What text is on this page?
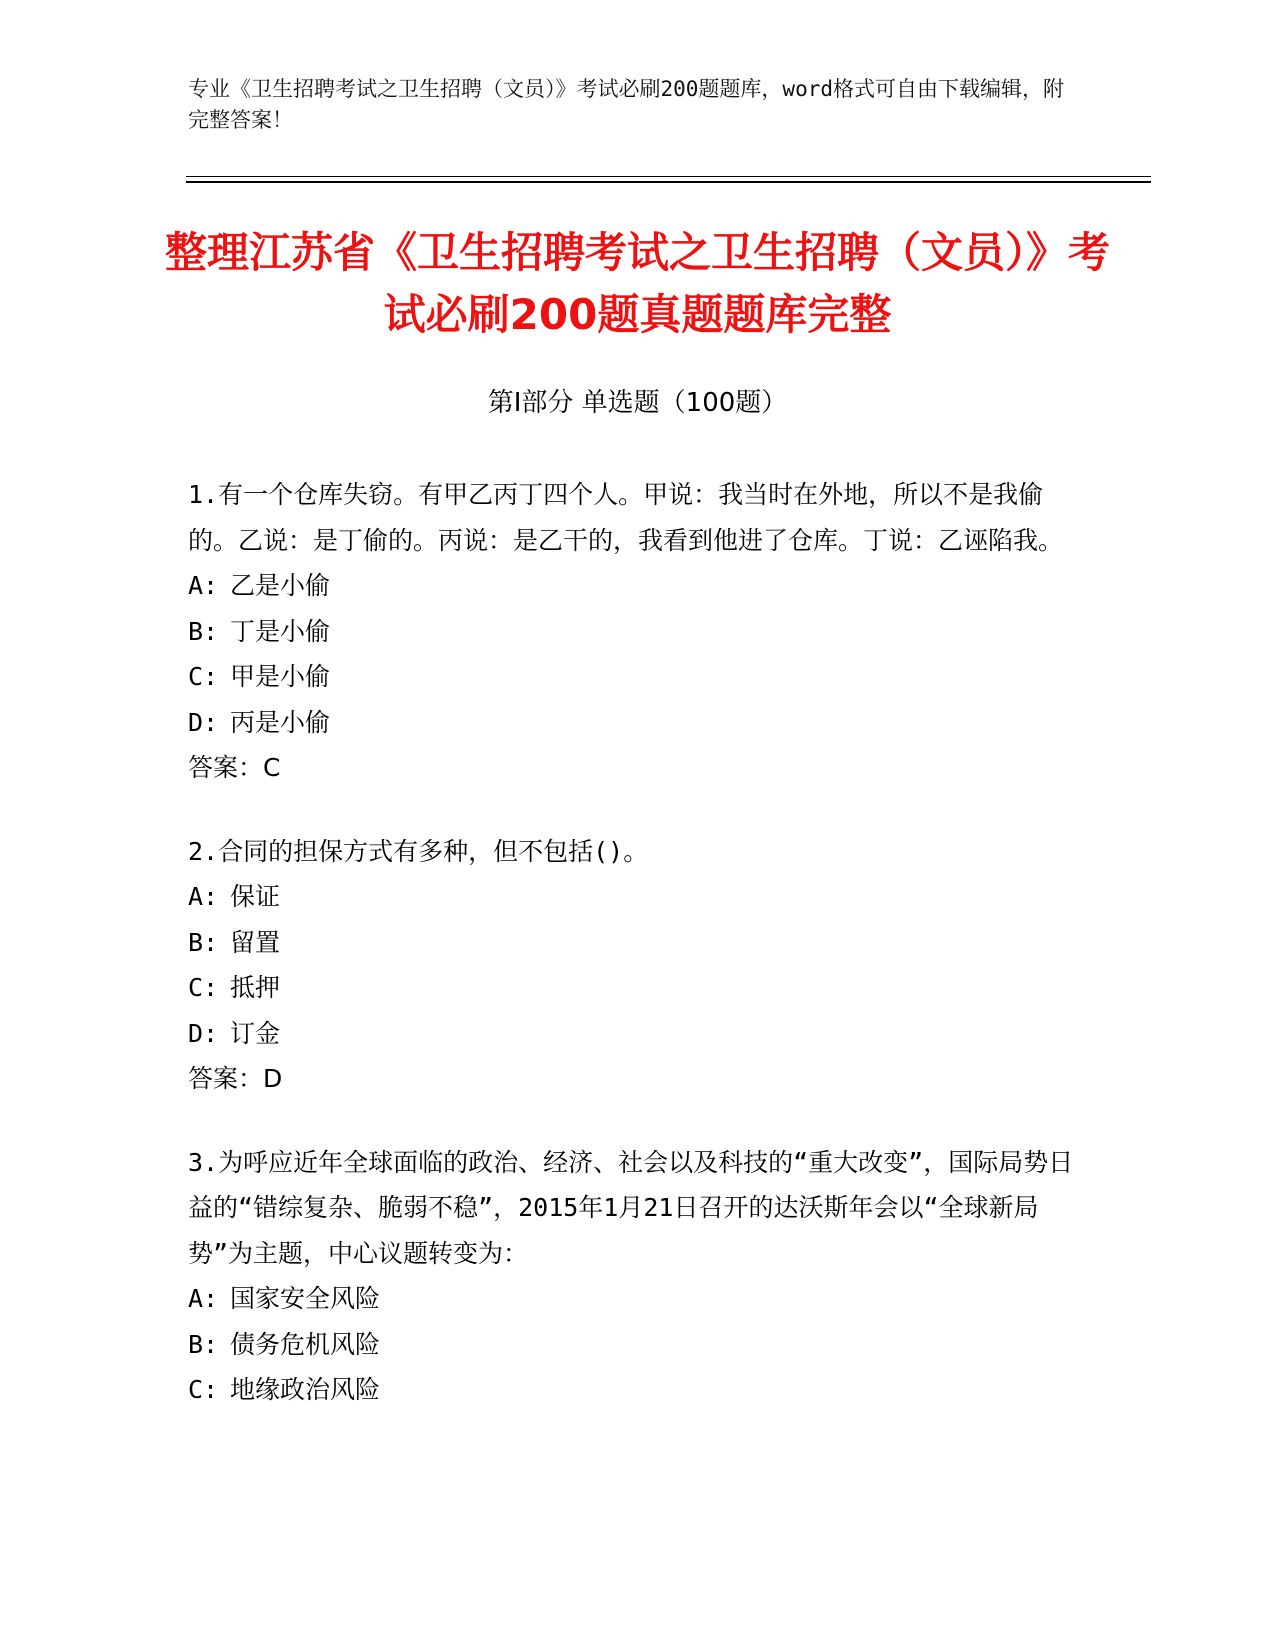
专业《卫生招聘考试之卫生招聘（文员）》考试必刷200题题库，word格式可自由下载编辑，附完整答案！
整理江苏省《卫生招聘考试之卫生招聘（文员）》考试必刷200题真题题库完整
第I部分 单选题（100题）

1.有一个仓库失窃。有甲乙丙丁四个人。甲说：我当时在外地，所以不是我偷的。乙说：是丁偷的。丙说：是乙干的，我看到他进了仓库。丁说：乙诬陷我。

A: 乙是小偷

B: 丁是小偷

C: 甲是小偷

D: 丙是小偷

答案：C

2.合同的担保方式有多种，但不包括()。

A: 保证

B: 留置

C: 抵押

D: 订金

答案：D

3.为呼应近年全球面临的政治、经济、社会以及科技的“重大改变”，国际局势日益的“错综复杂、脆弱不稳”，2015年1月21日召开的达沃斯年会以“全球新局势”为主题，中心议题转变为：

A: 国家安全风险

B: 债务危机风险

C: 地缘政治风险
